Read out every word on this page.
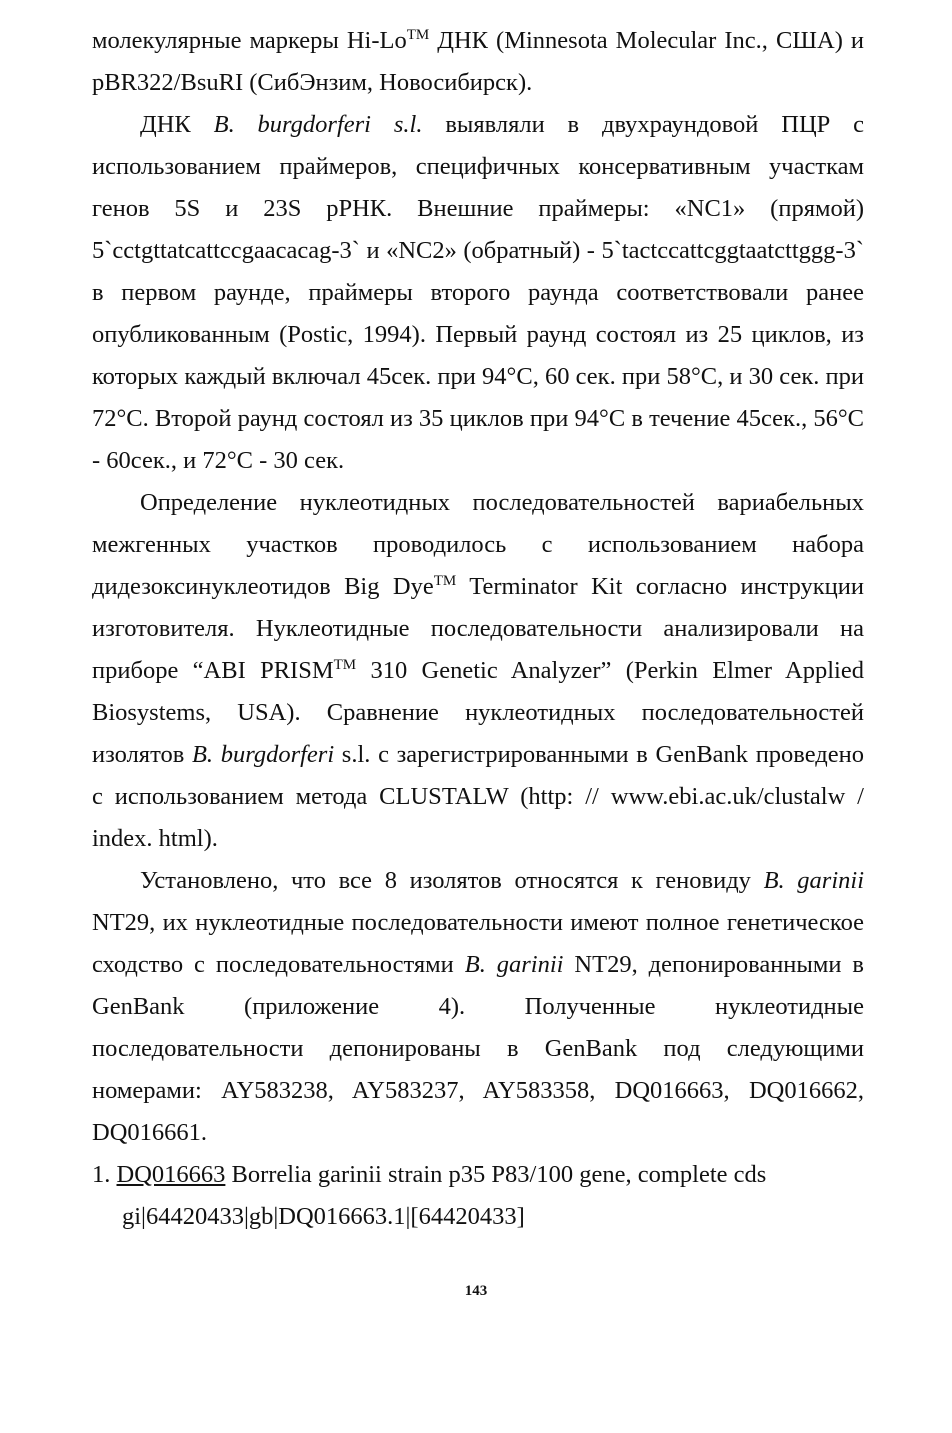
молекулярные маркеры Hi-Lo™ ДНК (Minnesota Molecular Inc., США) и pBR322/BsuRI (СибЭнзим, Новосибирск).

ДНК B. burgdorferi s.l. выявляли в двухраундовой ПЦР с использованием праймеров, специфичных консервативным участкам генов 5S и 23S рРНК. Внешние праймеры: «NC1» (прямой) 5`cctgttatcattccgaacacag-3` и «NC2» (обратный) - 5`tactccattcggtaatcttggg-3` в первом раунде, праймеры второго раунда соответствовали ранее опубликованным (Postic, 1994). Первый раунд состоял из 25 циклов, из которых каждый включал 45сек. при 94°С, 60 сек. при 58°С, и 30 сек. при 72°С. Второй раунд состоял из 35 циклов при 94°С в течение 45сек., 56°С - 60сек., и 72°С - 30 сек.

Определение нуклеотидных последовательностей вариабельных межгенных участков проводилось с использованием набора дидезоксинуклеотидов Big Dye™ Terminator Kit согласно инструкции изготовителя. Нуклеотидные последовательности анализировали на приборе “ABI PRISM™ 310 Genetic Analyzer” (Perkin Elmer Applied Biosystems, USA). Сравнение нуклеотидных последовательностей изолятов B. burgdorferi s.l. с зарегистрированными в GenBank проведено с использованием метода CLUSTALW (http: // www.ebi.ac.uk/clustalw / index. html).

Установлено, что все 8 изолятов относятся к геновиду B. garinii NT29, их нуклеотидные последовательности имеют полное генетическое сходство с последовательностями B. garinii NT29, депонированными в GenBank (приложение 4). Полученные нуклеотидные последовательности депонированы в GenBank под следующими номерами: AY583238, AY583237, AY583358, DQ016663, DQ016662, DQ016661.

1. DQ016663 Borrelia garinii strain p35 P83/100 gene, complete cds

gi|64420433|gb|DQ016663.1|[64420433]

143
